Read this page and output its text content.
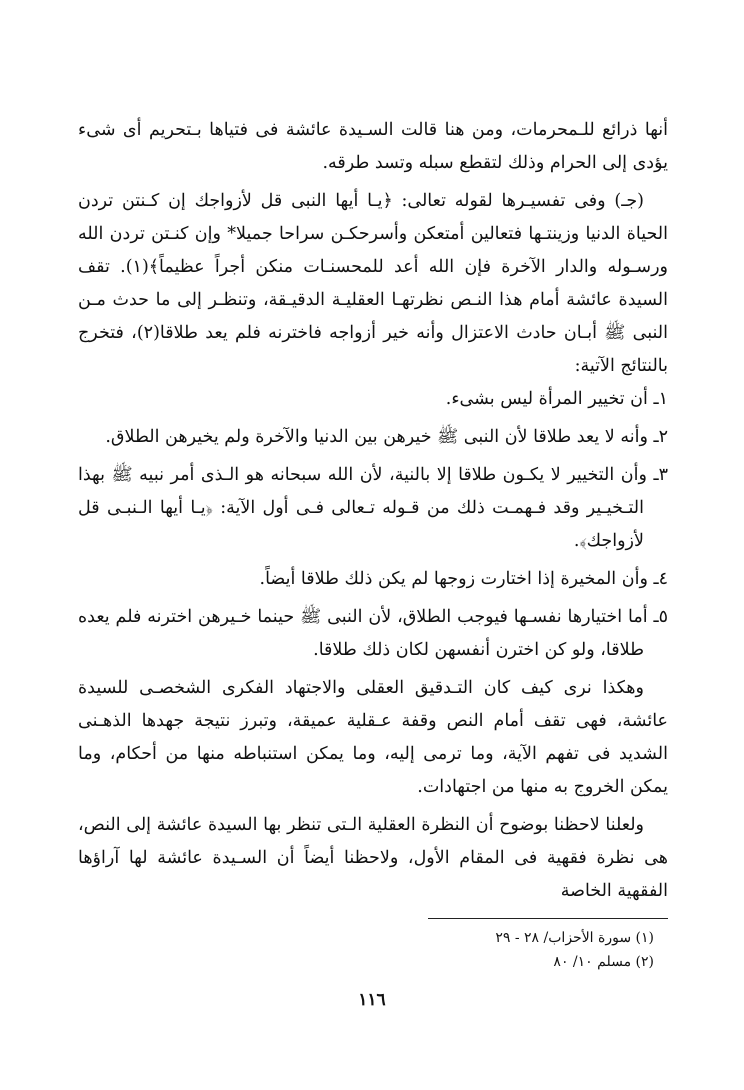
أنها ذرائع للـمحرمات، ومن هنا قالت السـيدة عائشة فى فتياها بـتحريم أى شىء يؤدى إلى الحرام وذلك لتقطع سبله وتسد طرقه.

(جـ) وفى تفسيـرها لقوله تعالى: ﴿يـا أيها النبى قل لأزواجك إن كـنتن تردن الحياة الدنيا وزينتـها فتعالين أمتعكن وأسرحكـن سراحا جميلا* وإن كنـتن تردن الله ورسـوله والدار الآخرة فإن الله أعد للمحسنـات منكن أجراً عظيماً﴾(١). تقف السيدة عائشة أمام هذا النـص نظرتهـا العقليـة الدقيـقة، وتنظـر إلى ما حدث مـن النبى ﷺ أبـان حادث الاعتزال وأنه خير أزواجه فاخترنه فلم يعد طلاقا(٢)، فتخرج بالنتائج الآتية:

١ـ أن تخيير المرأة ليس بشىء.

٢ـ وأنه لا يعد طلاقا لأن النبى ﷺ خيرهن بين الدنيا والآخرة ولم يخيرهن الطلاق.

٣ـ وأن التخيير لا يكـون طلاقا إلا بالنية، لأن الله سبحانه هو الـذى أمر نبيه ﷺ بهذا التـخيـير وقد فـهمـت ذلك من قـوله تـعالى فـى أول الآية: ﴿يـا أيها الـنبـى قل لأزواجك﴾.

٤ـ وأن المخيرة إذا اختارت زوجها لم يكن ذلك طلاقا أيضاً.

٥ـ أما اختيارها نفسـها فيوجب الطلاق، لأن النبى ﷺ حينما خـيرهن اخترنه فلم يعده طلاقا، ولو كن اخترن أنفسهن لكان ذلك طلاقا.

وهكذا نرى كيف كان التـدقيق العقلى والاجتهاد الفكرى الشخصـى للسيدة عائشة، فهى تقف أمام النص وقفة عـقلية عميقة، وتبرز نتيجة جهدها الذهـنى الشديد فى تفهم الآية، وما ترمى إليه، وما يمكن استنباطه منها من أحكام، وما يمكن الخروج به منها من اجتهادات.

ولعلنا لاحظنا بوضوح أن النظرة العقلية الـتى تنظر بها السيدة عائشة إلى النص، هى نظرة فقهية فى المقام الأول، ولاحظنا أيضاً أن السـيدة عائشة لها آراؤها الفقهية الخاصة

(١) سورة الأحزاب/ ٢٨ - ٢٩

(٢) مسلم ١٠/ ٨٠

١١٦
